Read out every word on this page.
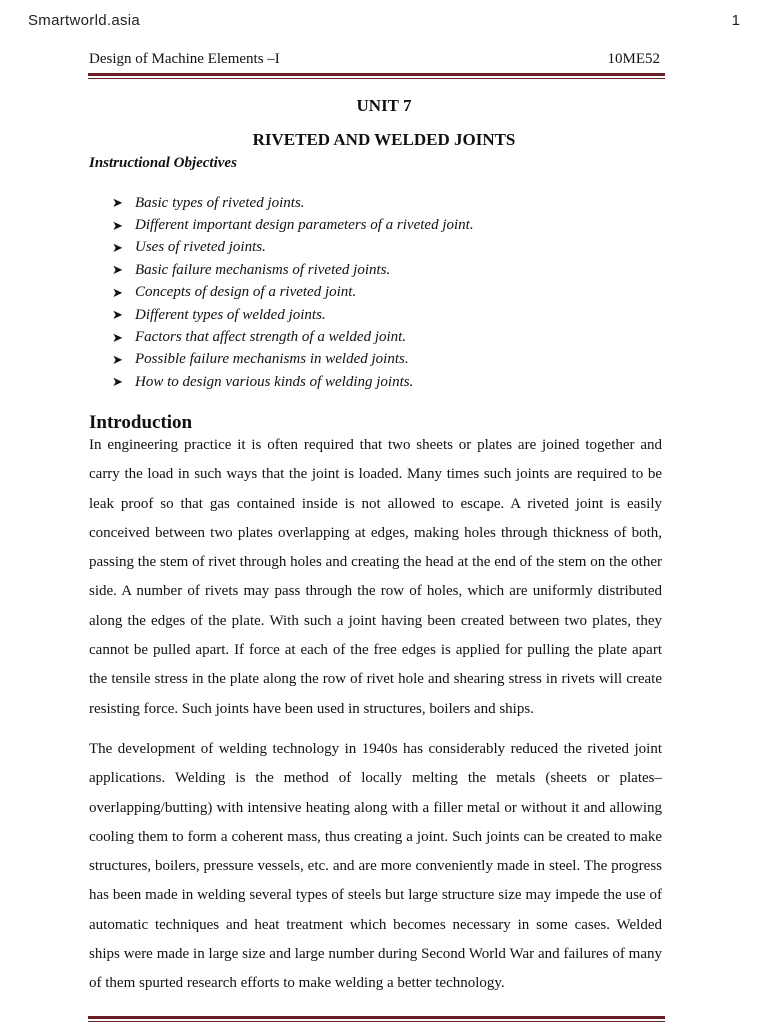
Smartworld.asia	1
Design of Machine Elements –I	10ME52
UNIT 7
RIVETED AND WELDED JOINTS
Instructional Objectives
➤ Basic types of riveted joints.
➤ Different important design parameters of a riveted joint.
➤ Uses of riveted joints.
➤ Basic failure mechanisms of riveted joints.
➤ Concepts of design of a riveted joint.
➤ Different types of welded joints.
➤ Factors that affect strength of a welded joint.
➤ Possible failure mechanisms in welded joints.
➤ How to design various kinds of welding joints.
Introduction

In engineering practice it is often required that two sheets or plates are joined together and carry the load in such ways that the joint is loaded. Many times such joints are required to be leak proof so that gas contained inside is not allowed to escape. A riveted joint is easily conceived between two plates overlapping at edges, making holes through thickness of both, passing the stem of rivet through holes and creating the head at the end of the stem on the other side. A number of rivets may pass through the row of holes, which are uniformly distributed along the edges of the plate. With such a joint having been created between two plates, they cannot be pulled apart. If force at each of the free edges is applied for pulling the plate apart the tensile stress in the plate along the row of rivet hole and shearing stress in rivets will create resisting force. Such joints have been used in structures, boilers and ships.

The development of welding technology in 1940s has considerably reduced the riveted joint applications. Welding is the method of locally melting the metals (sheets or plates– overlapping/butting) with intensive heating along with a filler metal or without it and allowing cooling them to form a coherent mass, thus creating a joint. Such joints can be created to make structures, boilers, pressure vessels, etc. and are more conveniently made in steel. The progress has been made in welding several types of steels but large structure size may impede the use of automatic techniques and heat treatment which becomes necessary in some cases. Welded ships were made in large size and large number during Second World War and failures of many of them spurted research efforts to make welding a better technology.
